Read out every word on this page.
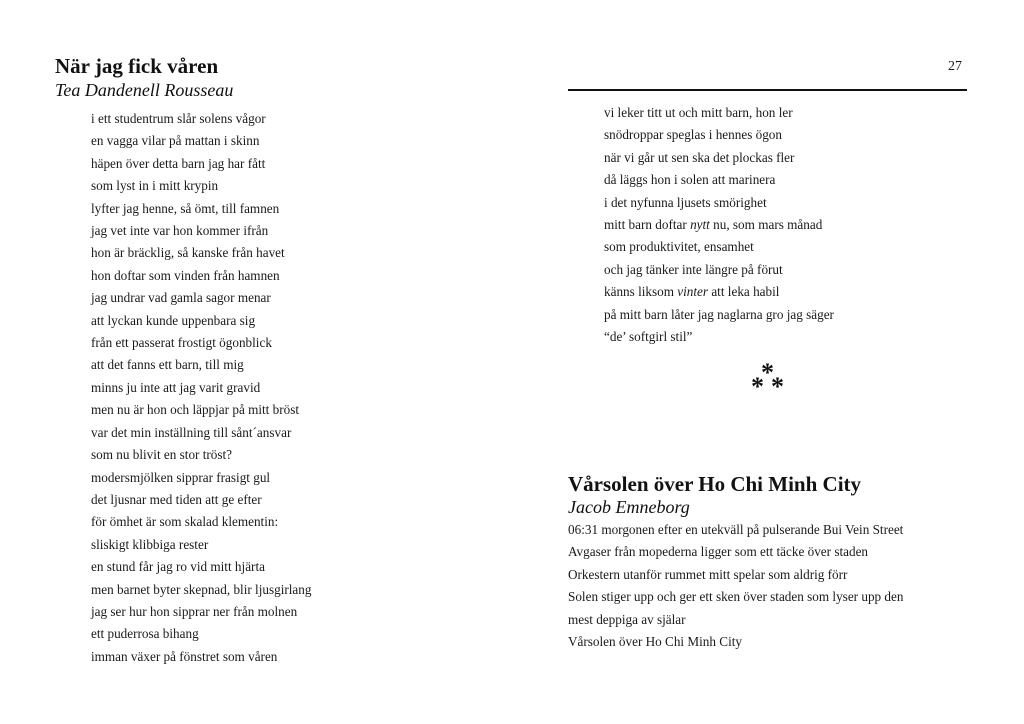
När jag fick våren
Tea Dandenell Rousseau
i ett studentrum slår solens vågor
en vagga vilar på mattan i skinn
häpen över detta barn jag har fått
som lyst in i mitt krypin
lyfter jag henne, så ömt, till famnen
jag vet inte var hon kommer ifrån
hon är bräcklig, så kanske från havet
hon doftar som vinden från hamnen
jag undrar vad gamla sagor menar
att lyckan kunde uppenbara sig
från ett passerat frostigt ögonblick
att det fanns ett barn, till mig
minns ju inte att jag varit gravid
men nu är hon och läppjar på mitt bröst
var det min inställning till sånt´ansvar
som nu blivit en stor tröst?
modersmjölken sipprar frasigt gul
det ljusnar med tiden att ge efter
för ömhet är som skalad klementin:
sliskigt klibbiga rester
en stund får jag ro vid mitt hjärta
men barnet byter skepnad, blir ljusgirlang
jag ser hur hon sipprar ner från molnen
ett puderrosa bihang
imman växer på fönstret som våren
27
vi leker titt ut och mitt barn, hon ler
snödroppar speglas i hennes ögon
när vi går ut sen ska det plockas fler
då läggs hon i solen att marinera
i det nyfunna ljusets smörighet
mitt barn doftar nytt nu, som mars månad
som produktivitet, ensamhet
och jag tänker inte längre på förut
känns liksom vinter att leka habil
på mitt barn låter jag naglarna gro jag säger
“de’ softgirl stil”
*
* *
Vårsolen över Ho Chi Minh City
Jacob Emneborg
06:31 morgonen efter en utekväll på pulserande Bui Vein Street
Avgaser från mopederna ligger som ett täcke över staden
Orkestern utanför rummet mitt spelar som aldrig förr
Solen stiger upp och ger ett sken över staden som lyser upp den
mest deppiga av själar
Vårsolen över Ho Chi Minh City
